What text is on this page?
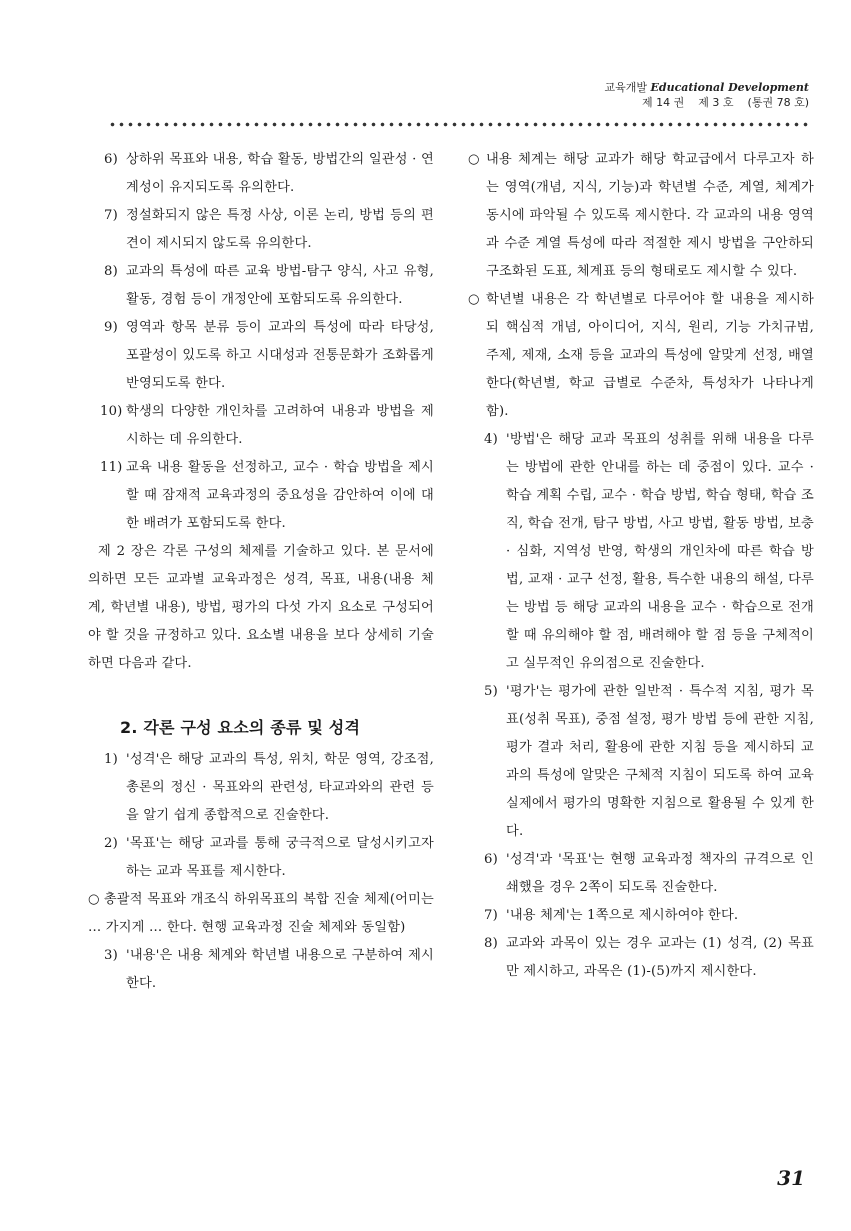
교육개발 Educational Development
제 14 권 제 3 호 (통권 78 호)
6) 상하위 목표와 내용, 학습 활동, 방법간의 일관성 · 연계성이 유지되도록 유의한다.
7) 정설화되지 않은 특정 사상, 이론 논리, 방법 등의 편견이 제시되지 않도록 유의한다.
8) 교과의 특성에 따른 교육 방법-탐구 양식, 사고 유형, 활동, 경험 등이 개정안에 포함되도록 유의한다.
9) 영역과 항목 분류 등이 교과의 특성에 따라 타당성, 포괄성이 있도록 하고 시대성과 전통문화가 조화롭게 반영되도록 한다.
10) 학생의 다양한 개인차를 고려하여 내용과 방법을 제시하는 데 유의한다.
11) 교육 내용 활동을 선정하고, 교수 · 학습 방법을 제시할 때 잠재적 교육과정의 중요성을 감안하여 이에 대한 배려가 포함되도록 한다.

제 2 장은 각론 구성의 체제를 기술하고 있다. 본 문서에 의하면 모든 교과별 교육과정은 성격, 목표, 내용(내용 체계, 학년별 내용), 방법, 평가의 다섯 가지 요소로 구성되어야 할 것을 규정하고 있다. 요소별 내용을 보다 상세히 기술하면 다음과 같다.

2. 각론 구성 요소의 종류 및 성격
1) '성격'은 해당 교과의 특성, 위치, 학문 영역, 강조점, 총론의 정신 · 목표와의 관련성, 타교과와의 관련 등을 알기 쉽게 종합적으로 진술한다.
2) '목표'는 해당 교과를 통해 궁극적으로 달성시키고자 하는 교과 목표를 제시한다.
○ 총괄적 목표와 개조식 하위목표의 복합 진술 체제(어미는 … 가지게 … 한다. 현행 교육과정 진술 체제와 동일함)
3) '내용'은 내용 체계와 학년별 내용으로 구분하여 제시한다.
○ 내용 체계는 해당 교과가 해당 학교급에서 다루고자 하는 영역(개념, 지식, 기능)과 학년별 수준, 계열, 체계가 동시에 파악될 수 있도록 제시한다. 각 교과의 내용 영역과 수준 계열 특성에 따라 적절한 제시 방법을 구안하되 구조화된 도표, 체계표 등의 형태로도 제시할 수 있다.
○ 학년별 내용은 각 학년별로 다루어야 할 내용을 제시하되 핵심적 개념, 아이디어, 지식, 원리, 기능 가치규범, 주제, 제재, 소재 등을 교과의 특성에 알맞게 선정, 배열한다(학년별, 학교 급별로 수준차, 특성차가 나타나게 함).
4) '방법'은 해당 교과 목표의 성취를 위해 내용을 다루는 방법에 관한 안내를 하는 데 중점이 있다. 교수 · 학습 계획 수립, 교수 · 학습 방법, 학습 형태, 학습 조직, 학습 전개, 탐구 방법, 사고 방법, 활동 방법, 보충 · 심화, 지역성 반영, 학생의 개인차에 따른 학습 방법, 교재 · 교구 선정, 활용, 특수한 내용의 해설, 다루는 방법 등 해당 교과의 내용을 교수 · 학습으로 전개할 때 유의해야 할 점, 배려해야 할 점 등을 구체적이고 실무적인 유의점으로 진술한다.
5) '평가'는 평가에 관한 일반적 · 특수적 지침, 평가 목표(성취 목표), 중점 설정, 평가 방법 등에 관한 지침, 평가 결과 처리, 활용에 관한 지침 등을 제시하되 교과의 특성에 알맞은 구체적 지침이 되도록 하여 교육 실제에서 평가의 명확한 지침으로 활용될 수 있게 한다.
6) '성격'과 '목표'는 현행 교육과정 책자의 규격으로 인쇄했을 경우 2쪽이 되도록 진술한다.
7) '내용 체계'는 1쪽으로 제시하여야 한다.
8) 교과와 과목이 있는 경우 교과는 (1) 성격, (2) 목표만 제시하고, 과목은 (1)-(5)까지 제시한다.
31
